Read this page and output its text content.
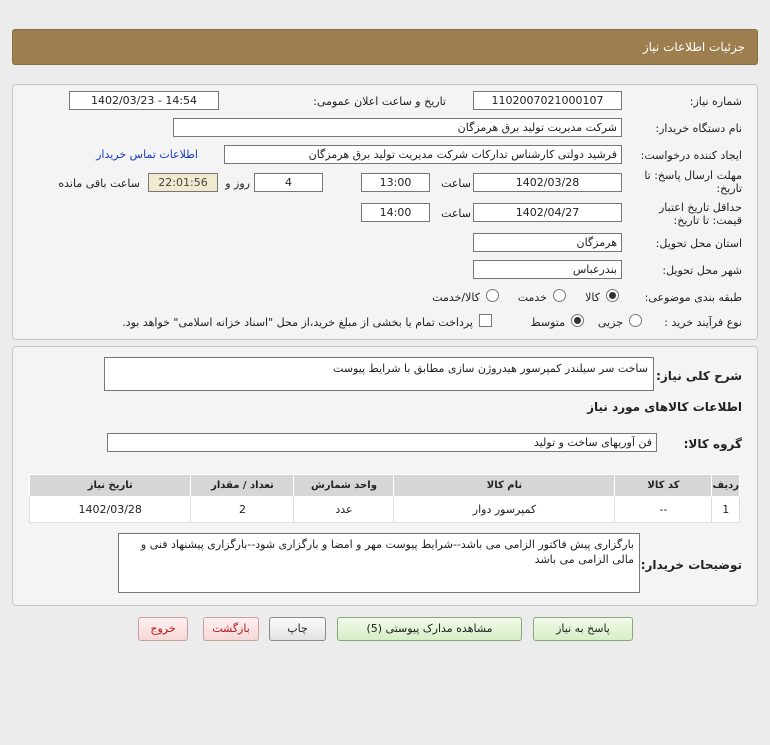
جزئیات اطلاعات نیاز
شماره نیاز:
1102007021000107
تاریخ و ساعت اعلان عمومی:
1402/03/23 - 14:54
نام دستگاه خریدار:
شرکت مدیریت تولید برق هرمزگان
ایجاد کننده درخواست:
فرشید دولتی کارشناس تدارکات شرکت مدیریت تولید برق هرمزگان
اطلاعات تماس خریدار
مهلت ارسال پاسخ: تا
تاریخ:
1402/03/28
ساعت
13:00
4
روز و
22:01:56
ساعت باقی مانده
حداقل تاریخ اعتبار
قیمت: تا تاریخ:
1402/04/27
ساعت
14:00
استان محل تحویل:
هرمزگان
شهر محل تحویل:
بندرعباس
طبقه بندی موضوعی:
کالا
خدمت
کالا/خدمت
نوع فرآیند خرید :
جزیی
متوسط
پرداخت تمام یا بخشی از مبلغ خرید،از محل "اسناد خزانه اسلامی" خواهد بود.
شرح کلی نیاز:
ساخت سر سیلندر کمپرسور هیدروژن سازی مطابق با شرایط پیوست
اطلاعات کالاهای مورد نیاز
گروه کالا:
فن آوریهای ساخت و تولید
ردیف	کد کالا	نام کالا	واحد شمارش	تعداد / مقدار	تاریخ نیاز
1	--	کمپرسور دوار	عدد	2	1402/03/28
توضیحات خریدار:
بارگزاری پیش فاکتور الزامی می باشد--شرایط پیوست مهر و امضا و بارگزاری شود--بارگزاری پیشنهاد فنی و مالی الزامی می باشد
پاسخ به نیاز
مشاهده مدارک پیوستی (5)
چاپ
بازگشت
خروج
